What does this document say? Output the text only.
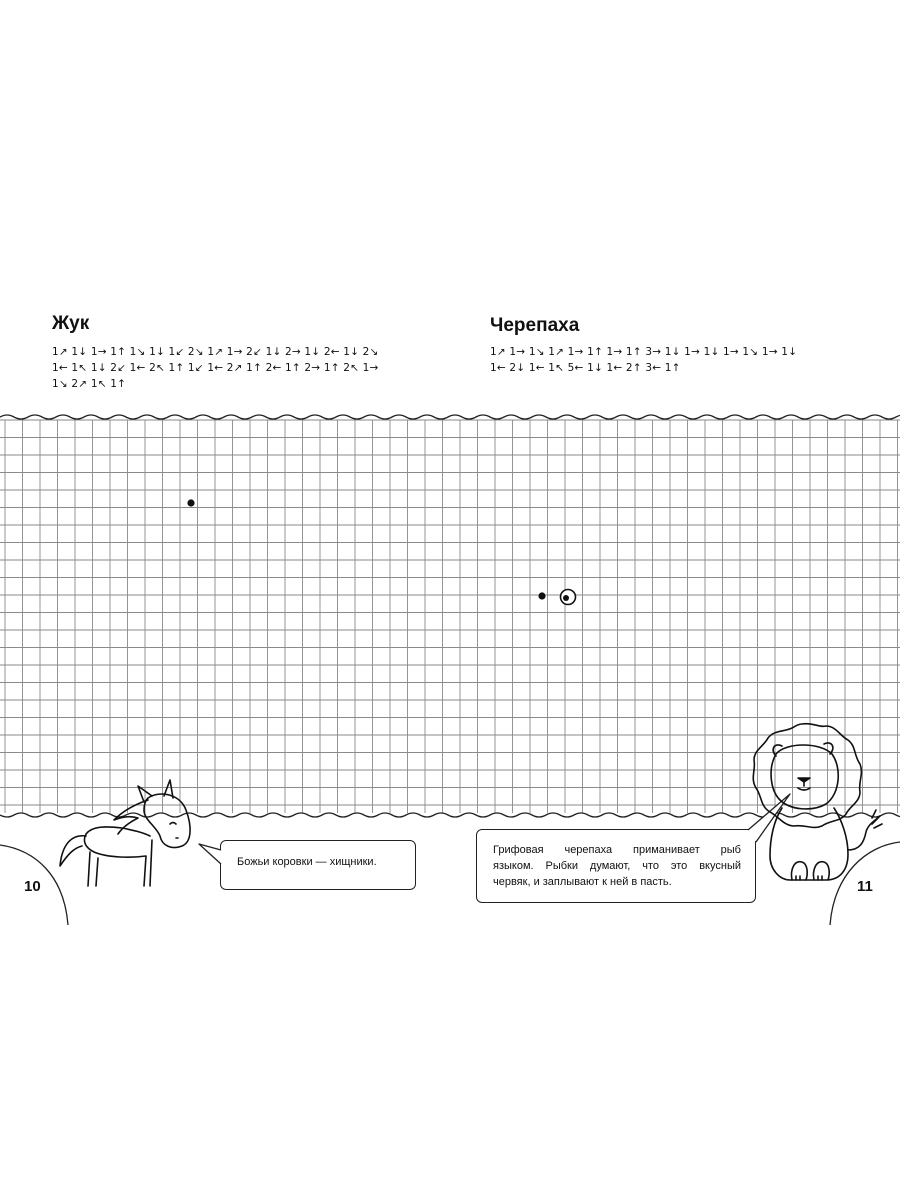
Жук
1↗ 1↓ 1→ 1↑ 1↘ 1↓ 1↙ 2↘ 1↗ 1→ 2↙ 1↓ 2→ 1↓ 2← 1↓ 2↘
1← 1↖ 1↓ 2↙ 1← 2↖ 1↑ 1↙ 1← 2↗ 1↑ 2← 1↑ 2→ 1↑ 2↖ 1→
1↘ 2↗ 1↖ 1↑
Черепаха
1↗ 1→ 1↘ 1↗ 1→ 1↑ 1→ 1↑ 3→ 1↓ 1→ 1↓ 1→ 1↘ 1→ 1↓
1← 2↓ 1← 1↖ 5← 1↓ 1← 2↑ 3← 1↑
10
Божьи коровки — хищники.
Грифовая черепаха приманивает рыб
языком. Рыбки думают, что это вкусный
червяк, и заплывают к ней в пасть.	11
